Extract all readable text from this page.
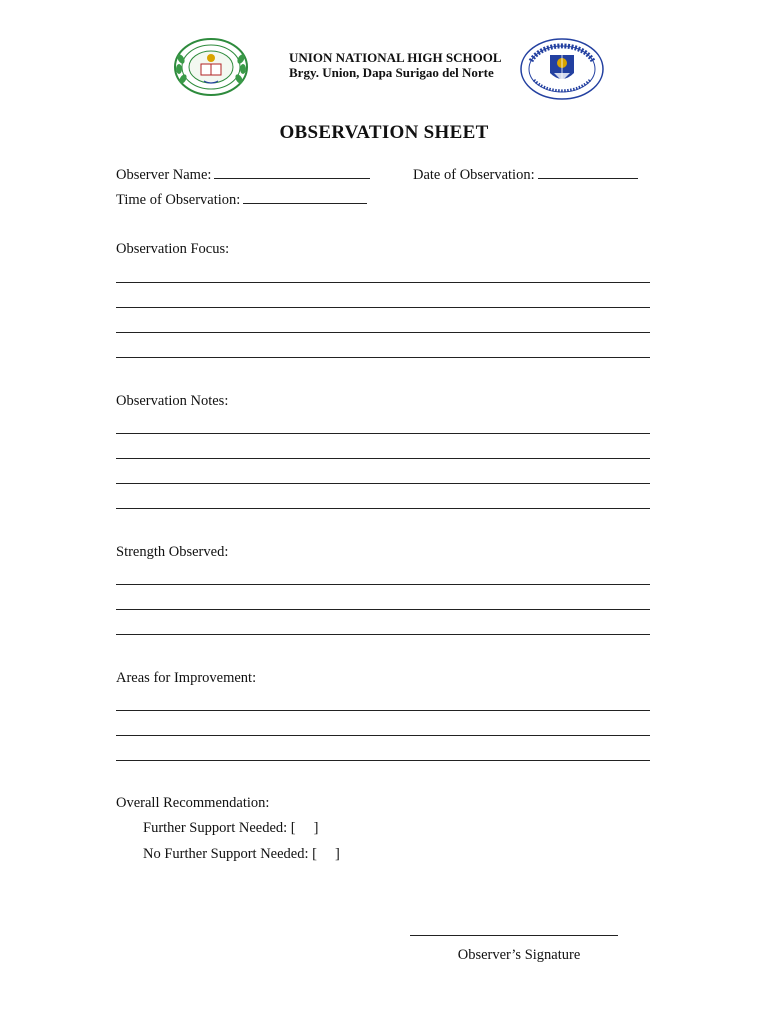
UNION NATIONAL HIGH SCHOOL
Brgy. Union, Dapa Surigao del Norte
OBSERVATION SHEET
Observer Name:	Date of Observation:
Time of Observation:
Observation Focus:
Observation Notes:
Strength Observed:
Areas for Improvement:
Overall Recommendation:
Further Support Needed: [ ]
No Further Support Needed: [ ]
Observer’s Signature
